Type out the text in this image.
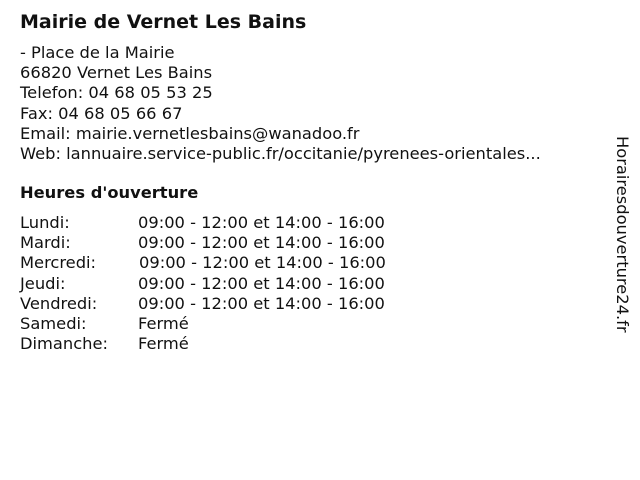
Mairie de Vernet Les Bains
- Place de la Mairie
66820 Vernet Les Bains
Telefon: 04 68 05 53 25
Fax: 04 68 05 66 67
Email: mairie.vernetlesbains@wanadoo.fr
Web: lannuaire.service-public.fr/occitanie/pyrenees-orientales...
Heures d'ouverture
Lundi:	09:00 - 12:00 et 14:00 - 16:00
Mardi:	09:00 - 12:00 et 14:00 - 16:00
Mercredi:	09:00 - 12:00 et 14:00 - 16:00
Jeudi:	09:00 - 12:00 et 14:00 - 16:00
Vendredi:	09:00 - 12:00 et 14:00 - 16:00
Samedi:	Fermé
Dimanche: Fermé
Horairesdouverture24.fr
